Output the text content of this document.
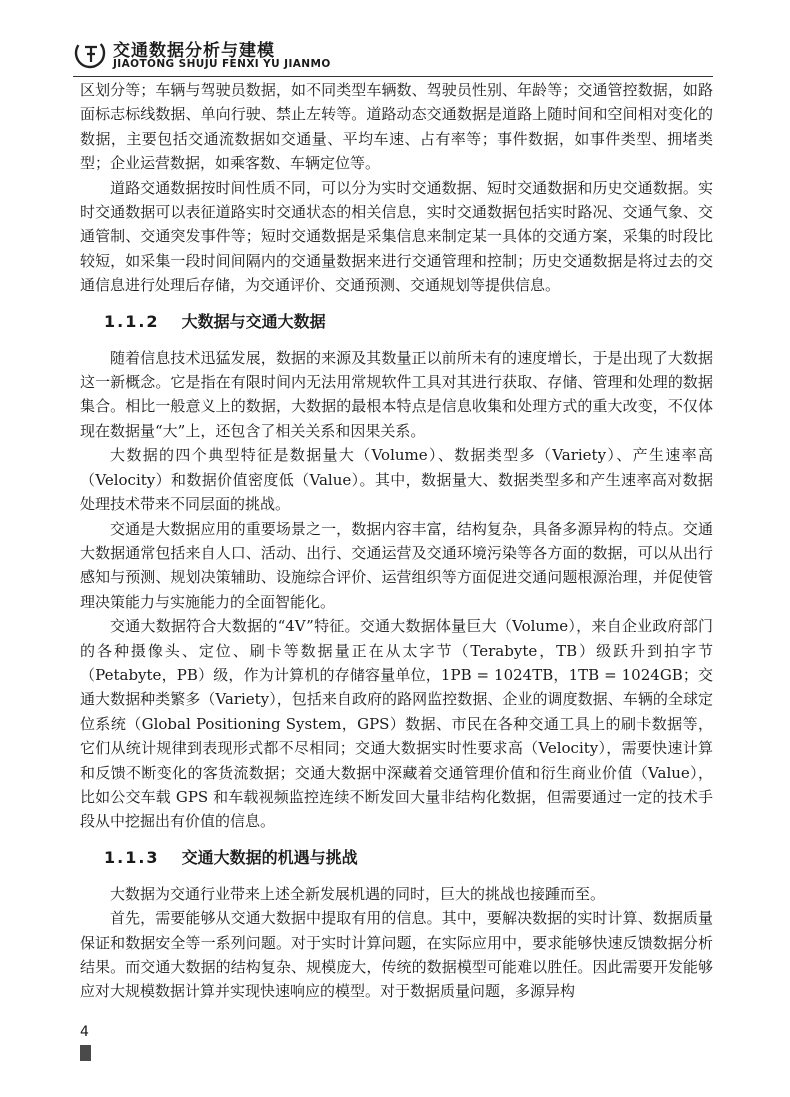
交通数据分析与建模
JIAOTONG SHUJU FENXI YU JIANMO

区划分等；车辆与驾驶员数据，如不同类型车辆数、驾驶员性别、年龄等；交通管控数据，如路面标志标线数据、单向行驶、禁止左转等。道路动态交通数据是道路上随时间和空间相对变化的数据，主要包括交通流数据如交通量、平均车速、占有率等；事件数据，如事件类型、拥堵类型；企业运营数据，如乘客数、车辆定位等。

道路交通数据按时间性质不同，可以分为实时交通数据、短时交通数据和历史交通数据。实时交通数据可以表征道路实时交通状态的相关信息，实时交通数据包括实时路况、交通气象、交通管制、交通突发事件等；短时交通数据是采集信息来制定某一具体的交通方案，采集的时段比较短，如采集一段时间间隔内的交通量数据来进行交通管理和控制；历史交通数据是将过去的交通信息进行处理后存储，为交通评价、交通预测、交通规划等提供信息。

1.1.2 大数据与交通大数据

随着信息技术迅猛发展，数据的来源及其数量正以前所未有的速度增长，于是出现了大数据这一新概念。它是指在有限时间内无法用常规软件工具对其进行获取、存储、管理和处理的数据集合。相比一般意义上的数据，大数据的最根本特点是信息收集和处理方式的重大改变，不仅体现在数据量“大”上，还包含了相关关系和因果关系。

大数据的四个典型特征是数据量大（Volume）、数据类型多（Variety）、产生速率高（Velocity）和数据价值密度低（Value）。其中，数据量大、数据类型多和产生速率高对数据处理技术带来不同层面的挑战。

交通是大数据应用的重要场景之一，数据内容丰富，结构复杂，具备多源异构的特点。交通大数据通常包括来自人口、活动、出行、交通运营及交通环境污染等各方面的数据，可以从出行感知与预测、规划决策辅助、设施综合评价、运营组织等方面促进交通问题根源治理，并促使管理决策能力与实施能力的全面智能化。

交通大数据符合大数据的“4V”特征。交通大数据体量巨大（Volume），来自企业政府部门的各种摄像头、定位、刷卡等数据量正在从太字节（Terabyte，TB）级跃升到拍字节（Petabyte，PB）级，作为计算机的存储容量单位，1PB = 1024TB，1TB = 1024GB；交通大数据种类繁多（Variety），包括来自政府的路网监控数据、企业的调度数据、车辆的全球定位系统（Global Positioning System，GPS）数据、市民在各种交通工具上的刷卡数据等，它们从统计规律到表现形式都不尽相同；交通大数据实时性要求高（Velocity），需要快速计算和反馈不断变化的客货流数据；交通大数据中深藏着交通管理价值和衍生商业价值（Value），比如公交车载 GPS 和车载视频监控连续不断发回大量非结构化数据，但需要通过一定的技术手段从中挖掘出有价值的信息。

1.1.3 交通大数据的机遇与挑战

大数据为交通行业带来上述全新发展机遇的同时，巨大的挑战也接踵而至。

首先，需要能够从交通大数据中提取有用的信息。其中，要解决数据的实时计算、数据质量保证和数据安全等一系列问题。对于实时计算问题，在实际应用中，要求能够快速反馈数据分析结果。而交通大数据的结构复杂、规模庞大，传统的数据模型可能难以胜任。因此需要开发能够应对大规模数据计算并实现快速响应的模型。对于数据质量问题，多源异构

4
